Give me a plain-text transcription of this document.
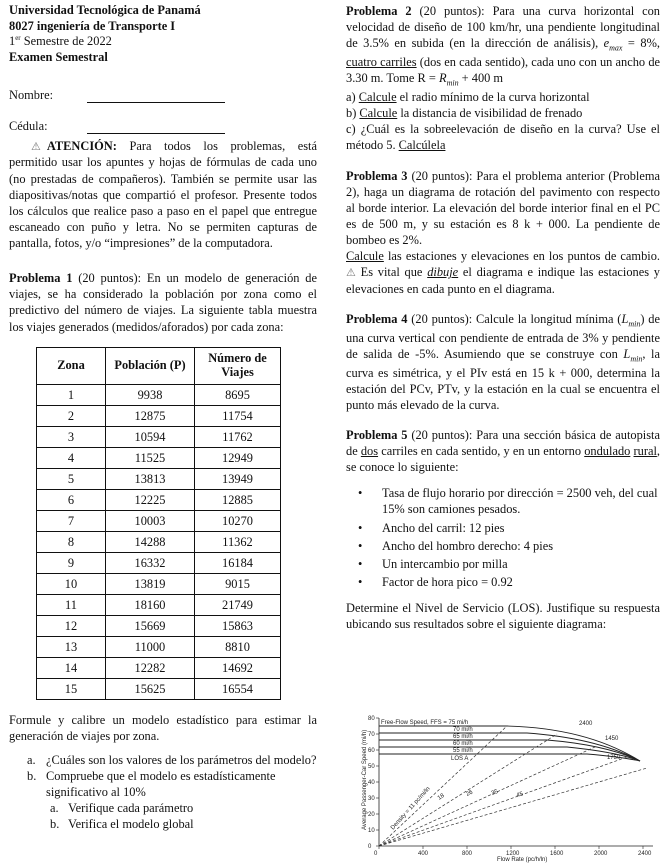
Universidad Tecnológica de Panamá
8027 ingeniería de Transporte I
1er Semestre de 2022
Examen Semestral
Nombre:
Cédula:

⚠ ATENCIÓN: Para todos los problemas, está permitido usar los apuntes y hojas de fórmulas de cada uno (no prestadas de compañeros). También se permite usar las diapositivas/notas que compartió el profesor. Presente todos los cálculos que realice paso a paso en el papel que entregue escaneado con puño y letra. No se permiten capturas de pantalla, fotos, y/o “impresiones” de la computadora.

Problema 1 (20 puntos): En un modelo de generación de viajes, se ha considerado la población por zona como el predictivo del número de viajes. La siguiente tabla muestra los viajes generados (medidos/aforados) por cada zona:

Zona	Población (P)	Número de Viajes
1	9938	8695
2	12875	11754
3	10594	11762
4	11525	12949
5	13813	13949
6	12225	12885
7	10003	10270
8	14288	11362
9	16332	16184
10	13819	9015
11	18160	21749
12	15669	15863
13	11000	8810
14	12282	14692
15	15625	16554

Formule y calibre un modelo estadístico para estimar la generación de viajes por zona.

a. ¿Cuáles son los valores de los parámetros del modelo?
b. Compruebe que el modelo es estadísticamente significativo al 10%
a. Verifique cada parámetro
b. Verifica el modelo global

Problema 2 (20 puntos): Para una curva horizontal con velocidad de diseño de 100 km/hr, una pendiente longitudinal de 3.5% en subida (en la dirección de análisis), $e_{max} = 8\%$, cuatro carriles (dos en cada sentido), cada uno con un ancho de 3.30 m. Tome $R = R_{min} + 400$ m

a) Calcule el radio mínimo de la curva horizontal

b) Calcule la distancia de visibilidad de frenado

c) ¿Cuál es la sobreelevación de diseño en la curva? Use el método 5. Calcúlela

Problema 3 (20 puntos): Para el problema anterior (Problema 2), haga un diagrama de rotación del pavimento con respecto al borde interior. La elevación del borde interior final en el PC es de 500 m, y su estación es 8 k + 000. La pendiente de bombeo es 2%.

Calcule las estaciones y elevaciones en los puntos de cambio. ⚠ Es vital que dibuje el diagrama e indique las estaciones y elevaciones en cada punto en el diagrama.

Problema 4 (20 puntos): Calcule la longitud mínima $(L_{min})$ de una curva vertical con pendiente de entrada de 3% y pendiente de salida de -5%. Asumiendo que se construye con $L_{min}$, la curva es simétrica, y el PIv está en 15 k + 000, determina la estación del PCv, PTv, y la estación en la cual se encuentra el punto más elevado de la curva.

Problema 5 (20 puntos): Para una sección básica de autopista de dos carriles en cada sentido, y en un entorno ondulado rural, se conoce lo siguiente:

• Tasa de flujo horario por dirección = 2500 veh, del cual 15% son camiones pesados.
• Ancho del carril: 12 pies
• Ancho del hombro derecho: 4 pies
• Un intercambio por milla
• Factor de hora pico = 0.92

Determine el Nivel de Servicio (LOS). Justifique su respuesta ubicando sus resultados sobre el siguiente diagrama:

80
70
60
50
40
30
20
10
0
0	400	800	1200	1600	2000	2400
Average Passenger-Car Speed (mi/h)
Flow Rate (pc/h/ln)
Free-Flow Speed, FFS = 75 mi/h
70 mi/h
65 mi/h
60 mi/h
55 mi/h
2400
1450
1750
LOS A
Density = 11 pc/mi/ln 18	26	35	45
